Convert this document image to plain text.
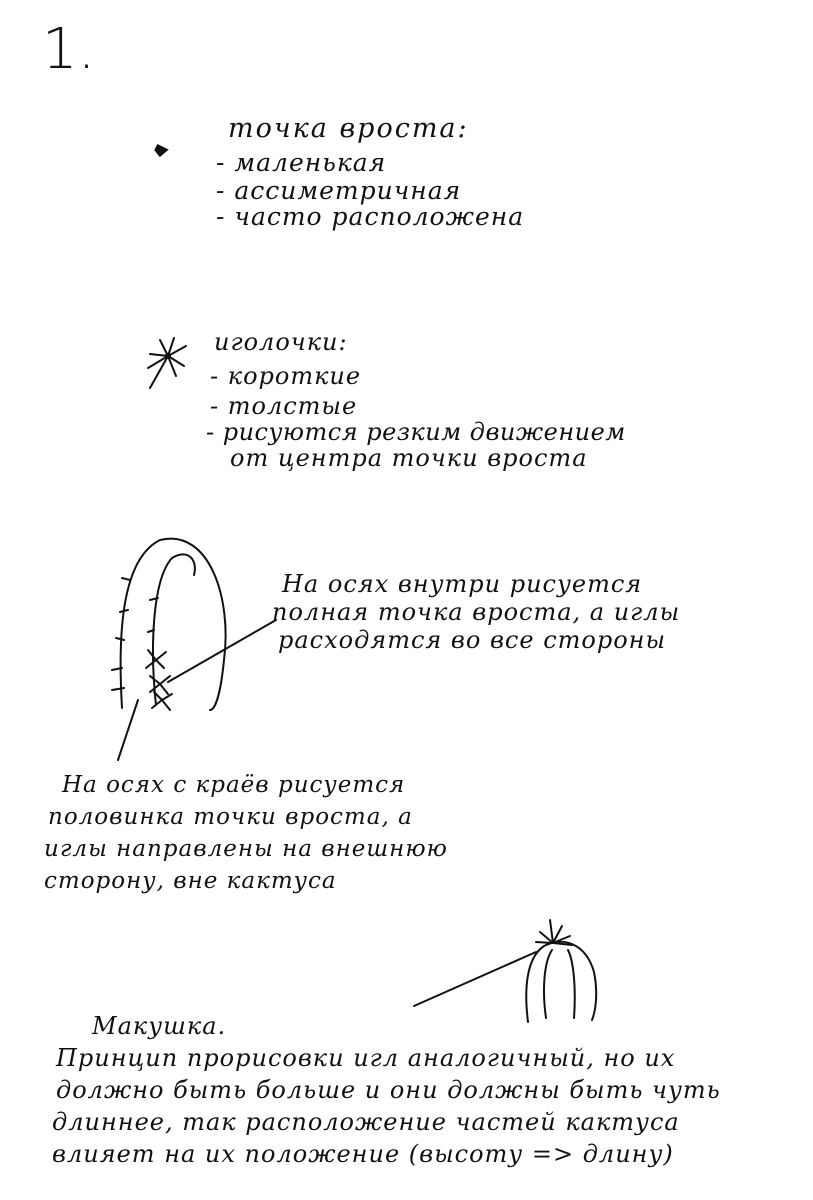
1.
точка вроста:
- маленькая
- ассиметричная
- часто расположена
иголочки:
- короткие
- толстые
- рисуются резким движением
от центра точки вроста
На осях внутри рисуется
полная точка вроста, а иглы
расходятся во все стороны
На осях с краёв рисуется
половинка точки вроста, а
иглы направлены на внешнюю
сторону, вне кактуса
Макушка.
Принцип прорисовки игл аналогичный, но их
должно быть больше и они должны быть чуть
длиннее, так расположение частей кактуса
влияет на их положение (высоту => длину)
